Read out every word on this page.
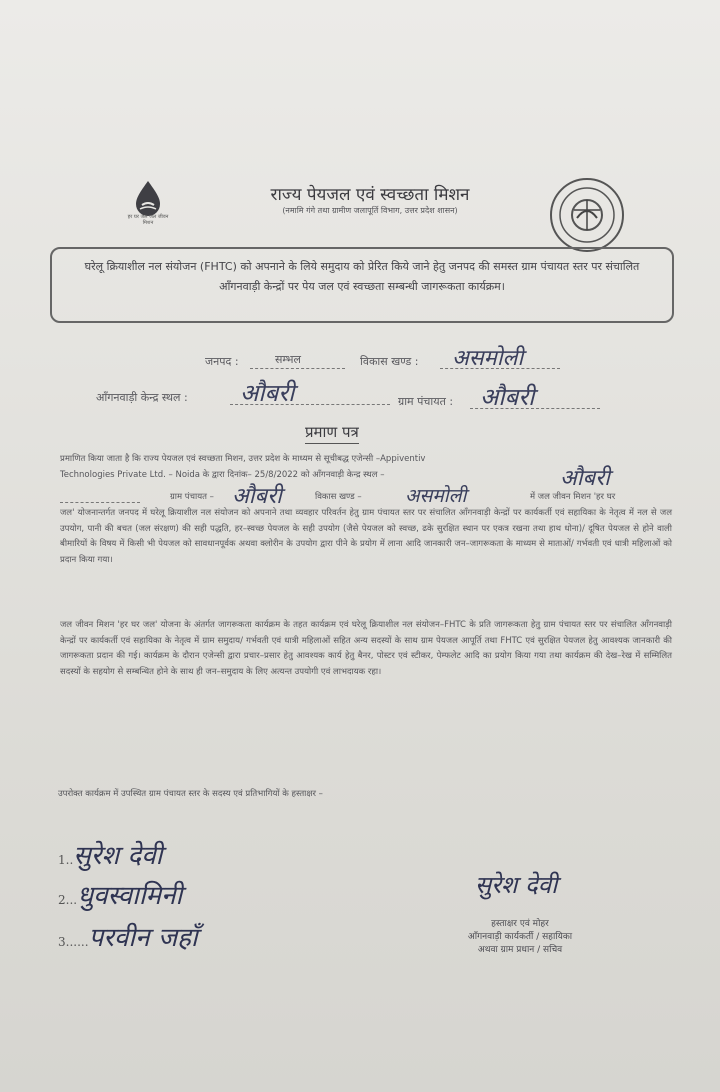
हर घर जल जल जीवन मिशन
राज्य पेयजल एवं स्वच्छता मिशन
(नमामि गंगे तथा ग्रामीण जलापूर्ति विभाग, उत्तर प्रदेश शासन)
घरेलू क्रियाशील नल संयोजन (FHTC) को अपनाने के लिये समुदाय को प्रेरित किये जाने हेतु जनपद की समस्त ग्राम पंचायत स्तर पर संचालित आँगनवाड़ी केन्द्रों पर पेय जल एवं स्वच्छता सम्बन्धी जागरूकता कार्यक्रम।
जनपद :	सम्भल	विकास खण्ड : असमोली
आँगनवाड़ी केन्द्र स्थल : औबरी	ग्राम पंचायत : औबरी
प्रमाण पत्र
प्रमाणित किया जाता है कि राज्य पेयजल एवं स्वच्छता मिशन, उत्तर प्रदेश के माध्यम से सूचीबद्ध एजेन्सी –Appiventiv
Technologies Private Ltd. – Noida के द्वारा दिनांक– 25/8/2022 को आँगनवाड़ी केन्द्र स्थल –	औबरी
ग्राम पंचायत – औबरी	विकास खण्ड –	असमोली	में जल जीवन मिशन 'हर घर
जल' योजनान्तर्गत जनपद में घरेलू क्रियाशील नल संयोजन को अपनाने तथा व्यवहार परिवर्तन हेतु ग्राम पंचायत स्तर पर संचालित आँगनवाड़ी केन्द्रों पर कार्यकर्ती एवं सहायिका के नेतृत्व में नल से जल उपयोग, पानी की बचत (जल संरक्षण) की सही पद्धति, हर–स्वच्छ पेयजल के सही उपयोग (जैसे पेयजल को स्वच्छ, ढके सुरक्षित स्थान पर एकत्र रखना तथा हाथ धोना)/ दूषित पेयजल से होने वाली बीमारियों के विषय में किसी भी पेयजल को सावधानपूर्वक अथवा क्लोरीन के उपयोग द्वारा पीने के प्रयोग में लाना आदि जानकारी जन–जागरूकता के माध्यम से माताओं/ गर्भवती एवं धात्री महिलाओं को प्रदान किया गया।
जल जीवन मिशन 'हर घर जल' योजना के अंतर्गत जागरूकता कार्यक्रम के तहत कार्यक्रम एवं घरेलू क्रियाशील नल संयोजन–FHTC के प्रति जागरूकता हेतु ग्राम पंचायत स्तर पर संचालित आँगनवाड़ी केन्द्रों पर कार्यकर्ती एवं सहायिका के नेतृत्व में ग्राम समुदाय/ गर्भवती एवं धात्री महिलाओं सहित अन्य सदस्यों के साथ ग्राम पेयजल आपूर्ति तथा FHTC एवं सुरक्षित पेयजल हेतु आवश्यक जानकारी की जागरूकता प्रदान की गई। कार्यक्रम के दौरान एजेन्सी द्वारा प्रचार–प्रसार हेतु आवश्यक कार्य हेतु बैनर, पोस्टर एवं स्टीकर, पेम्फलेट आदि का प्रयोग किया गया तथा कार्यक्रम की देख–रेख में सम्मिलित सदस्यों के सहयोग से सम्बन्धित होने के साथ ही जन–समुदाय के लिए अत्यन्त उपयोगी एवं लाभदायक रहा।
उपरोक्त कार्यक्रम में उपस्थित ग्राम पंचायत स्तर के सदस्य एवं प्रतिभागियों के हस्ताक्षर –
1..सुरेश देवी
2...धुवस्वामिनी
3......परवीन जहाँ
सुरेश देवी
हस्ताक्षर एवं मोहर
आँगनवाड़ी कार्यकर्ती / सहायिका
अथवा ग्राम प्रधान / सचिव
